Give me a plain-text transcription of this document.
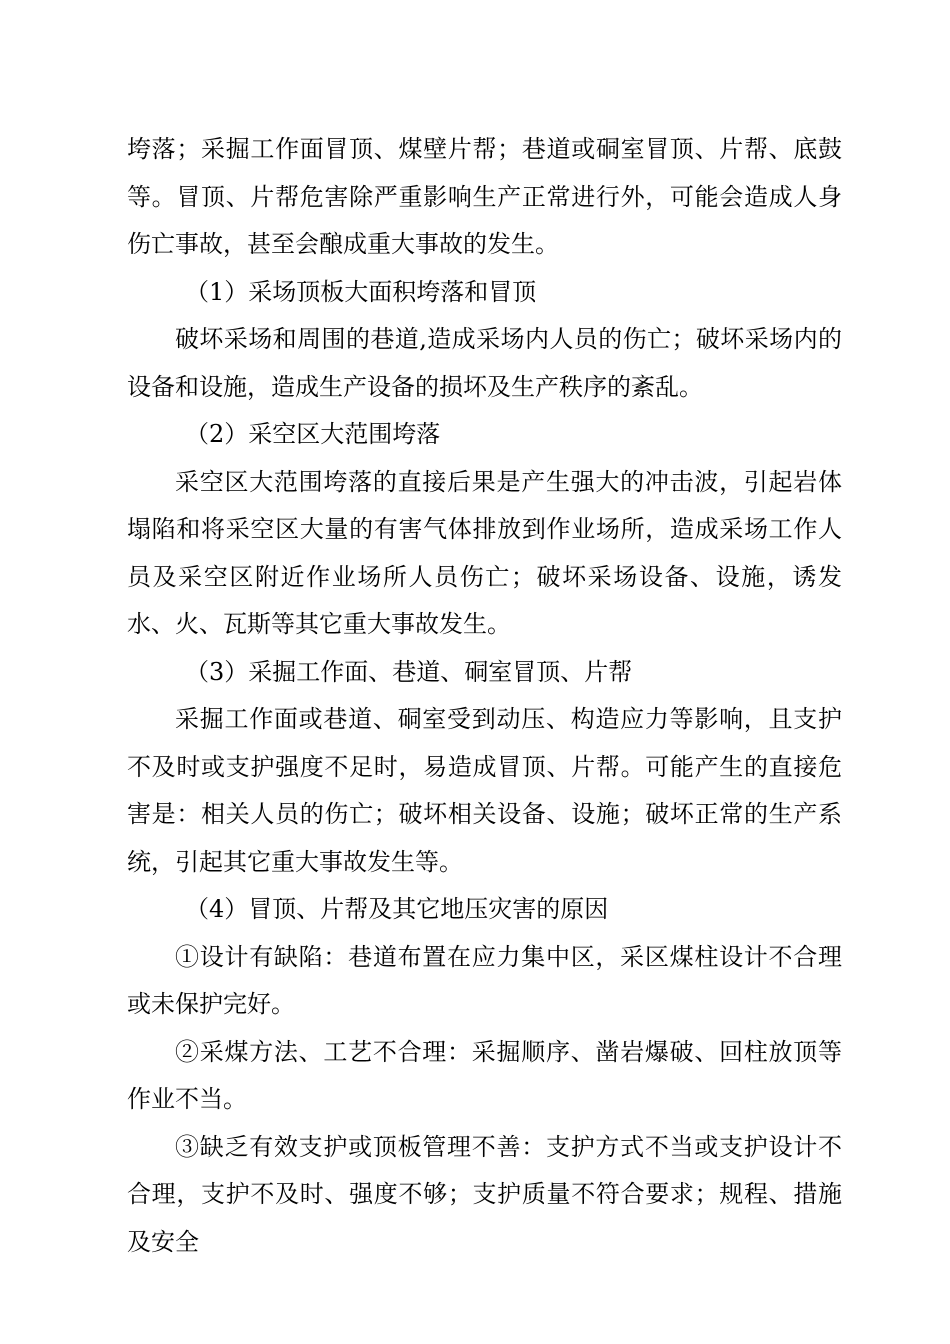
垮落；采掘工作面冒顶、煤壁片帮；巷道或硐室冒顶、片帮、底鼓等。冒顶、片帮危害除严重影响生产正常进行外，可能会造成人身伤亡事故，甚至会酿成重大事故的发生。

（1）采场顶板大面积垮落和冒顶

破坏采场和周围的巷道,造成采场内人员的伤亡；破坏采场内的设备和设施，造成生产设备的损坏及生产秩序的紊乱。

（2）采空区大范围垮落

采空区大范围垮落的直接后果是产生强大的冲击波，引起岩体塌陷和将采空区大量的有害气体排放到作业场所，造成采场工作人员及采空区附近作业场所人员伤亡；破坏采场设备、设施，诱发水、火、瓦斯等其它重大事故发生。

（3）采掘工作面、巷道、硐室冒顶、片帮

采掘工作面或巷道、硐室受到动压、构造应力等影响，且支护不及时或支护强度不足时，易造成冒顶、片帮。可能产生的直接危害是：相关人员的伤亡；破坏相关设备、设施；破坏正常的生产系统，引起其它重大事故发生等。

（4）冒顶、片帮及其它地压灾害的原因

①设计有缺陷：巷道布置在应力集中区，采区煤柱设计不合理或未保护完好。

②采煤方法、工艺不合理：采掘顺序、凿岩爆破、回柱放顶等作业不当。

③缺乏有效支护或顶板管理不善：支护方式不当或支护设计不合理，支护不及时、强度不够；支护质量不符合要求；规程、措施及安全
